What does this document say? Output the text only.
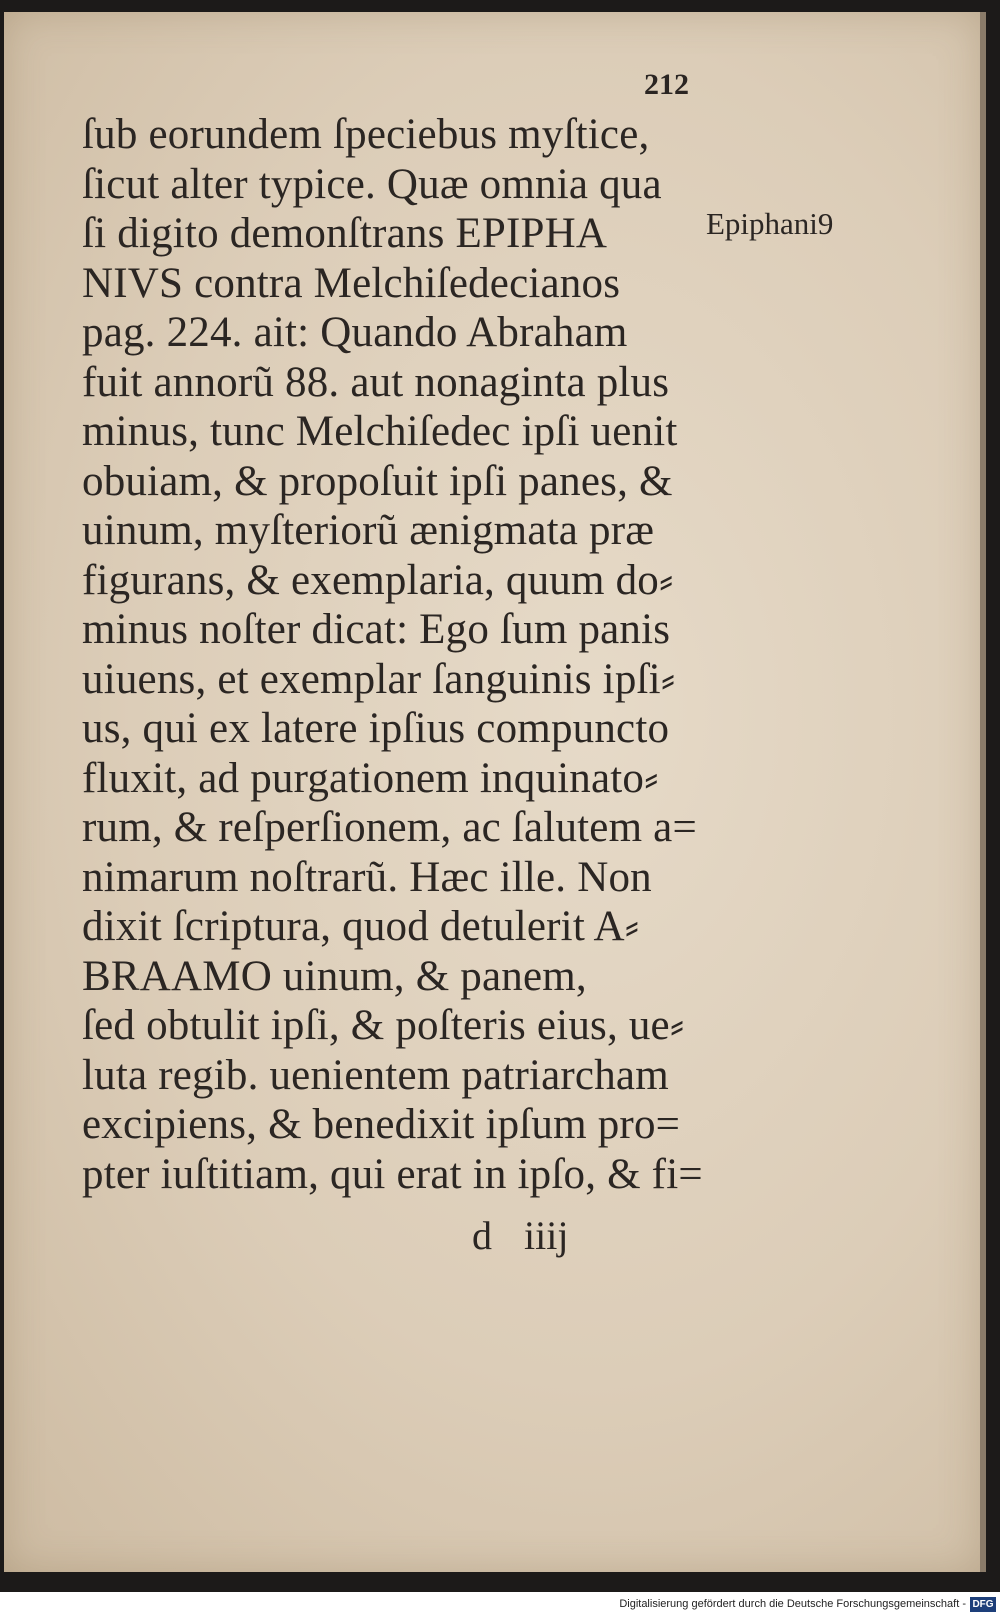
212
Epiphani9
ſub eorundem ſpeciebus myſtice,
ſicut alter typice. Quæ omnia qua
ſi digito demonſtrans EPIPHA
NIVS contra Melchiſedecianos
pag. 224. ait: Quando Abraham
fuit annorũ 88. aut nonaginta plus
minus, tunc Melchiſedec ipſi uenit
obuiam, & propoſuit ipſi panes, &
uinum, myſteriorũ ænigmata præ
figurans, & exemplaria, quum do⸗
minus noſter dicat: Ego ſum panis
uiuens, et exemplar ſanguinis ipſi⸗
us, qui ex latere ipſius compuncto
fluxit, ad purgationem inquinato⸗
rum, & reſperſionem, ac ſalutem a=
nimarum noſtrarũ. Hæc ille. Non
dixit ſcriptura, quod detulerit A⸗
BRAAMO uinum, & panem,
ſed obtulit ipſi, & poſteris eius, ue⸗
luta regib. uenientem patriarcham
excipiens, & benedixit ipſum pro=
pter iuſtitiam, qui erat in ipſo, & fi=
d iiij
Digitalisierung gefördert durch die Deutsche Forschungsgemeinschaft - DFG
